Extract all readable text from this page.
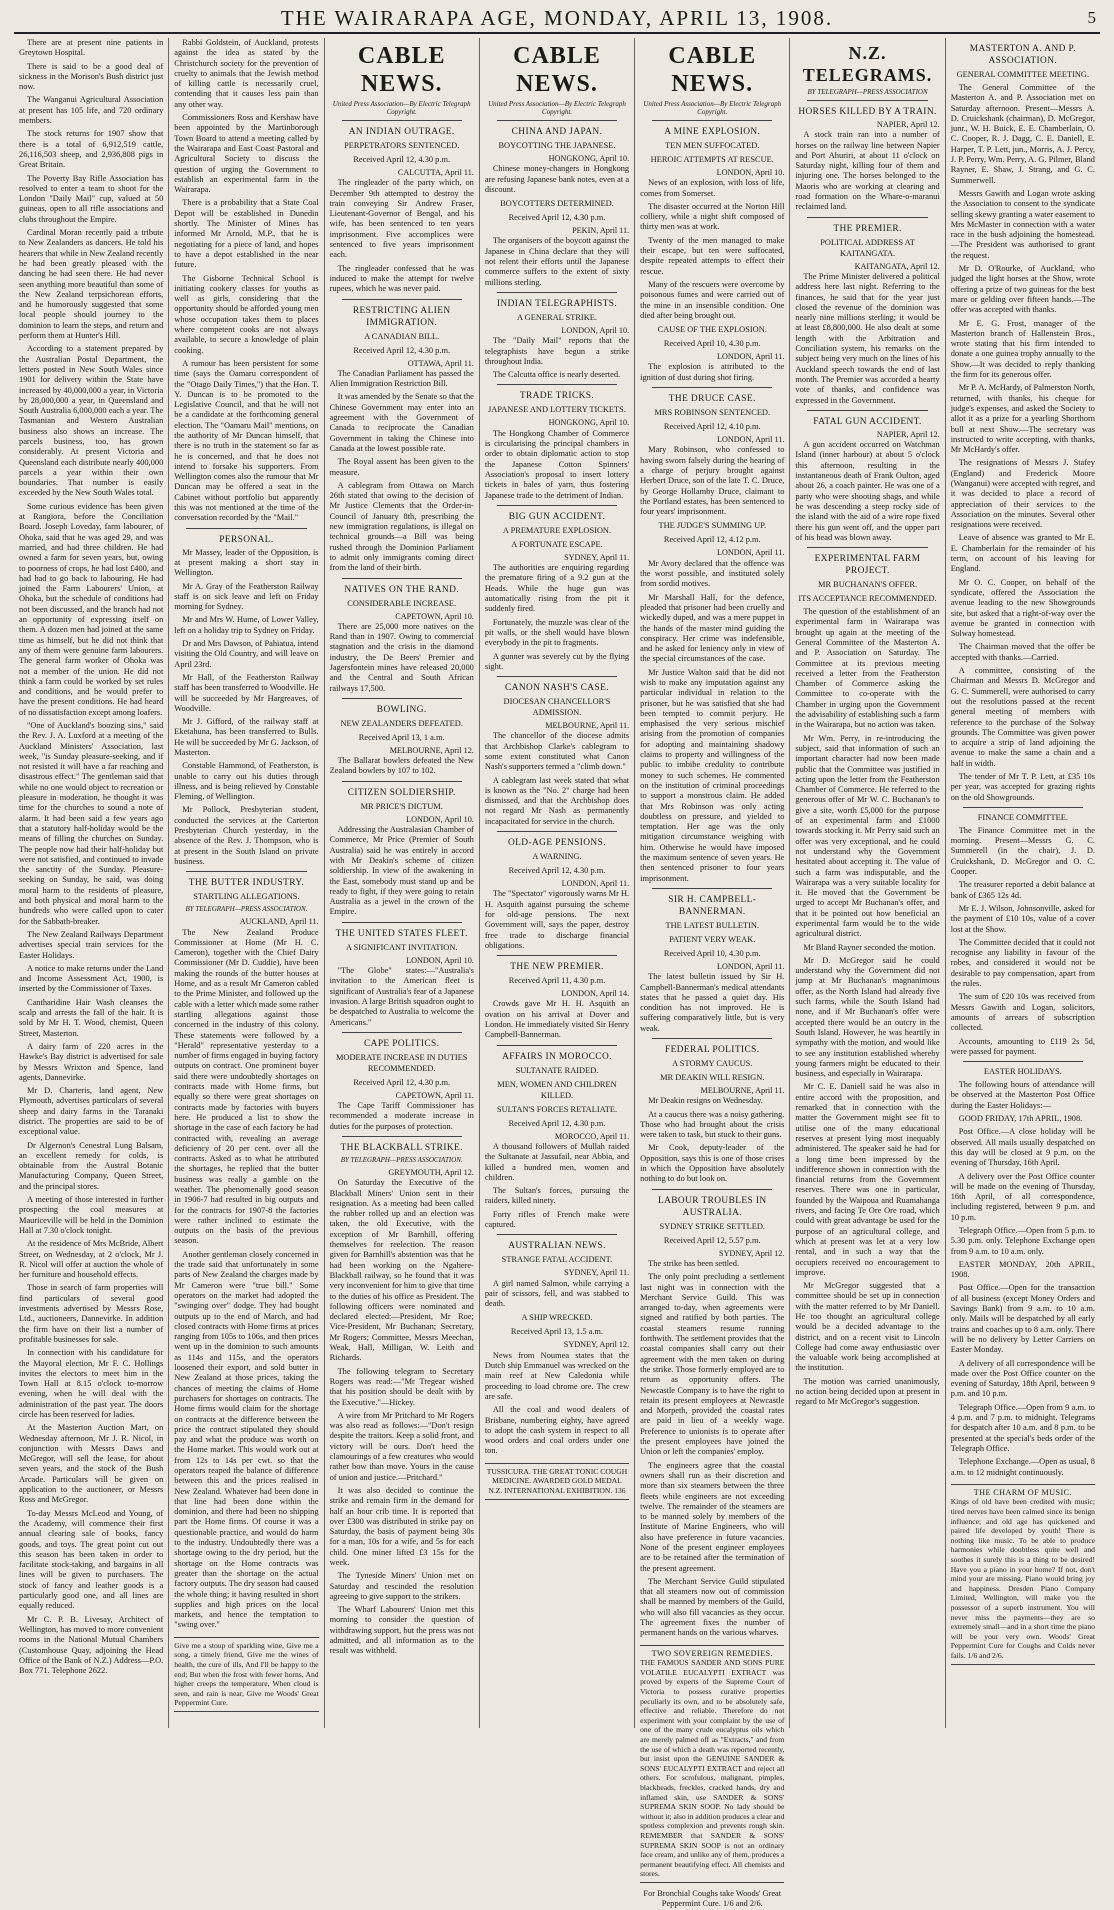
THE WAIRARAPA AGE, MONDAY, APRIL 13, 1908.	5

There are at present nine patients in Greytown Hospital.

There is said to be a good deal of sickness in the Morison's Bush district just now.

The Wanganui Agricultural Association at present has 105 life, and 720 ordinary members.

The stock returns for 1907 show that there is a total of 6,912,519 cattle, 26,116,503 sheep, and 2,936,808 pigs in Great Britain.

The Poverty Bay Rifle Association has resolved to enter a team to shoot for the London "Daily Mail" cup, valued at 50 guineas, open to all rifle associations and clubs throughout the Empire.

Cardinal Moran recently paid a tribute to New Zealanders as dancers. He told his hearers that while in New Zealand recently he had been greatly pleased with the dancing he had seen there. He had never seen anything more beautiful than some of the New Zealand terpsichorean efforts, and he humorously suggested that some local people should journey to the dominion to learn the steps, and return and perform them at Hunter's Hill.

According to a statement prepared by the Australian Postal Department, the letters posted in New South Wales since 1901 for delivery within the State have increased by 40,000,000 a year, in Victoria by 28,000,000 a year, in Queensland and South Australia 6,000,000 each a year. The Tasmanian and Western Australian business also shows an increase. The parcels business, too, has grown considerably. At present Victoria and Queensland each distribute nearly 400,000 parcels a year within their own boundaries. That number is easily exceeded by the New South Wales total.

Some curious evidence has been given at Rangiora, before the Conciliation Board. Joseph Loveday, farm labourer, of Ohoka, said that he was aged 29, and was married, and had three children. He had owned a farm for seven years, but, owing to poorness of crops, he had lost £400, and had had to go back to labouring. He had joined the Farm Labourers' Union, at Ohoka, but the schedule of conditions had not been discussed, and the branch had not an opportunity of expressing itself on them. A dozen men had joined at the same time as himself, but he did not think that any of them were genuine farm labourers. The general farm worker of Ohoka was not a member of the union. He did not think a farm could be worked by set rules and conditions, and he would prefer to have the present conditions. He had heard of no dissatisfaction except among loafers.

"One of Auckland's boozing sins," said the Rev. J. A. Luxford at a meeting of the Auckland Ministers' Association, last week, "is Sunday pleasure-seeking, and if not resisted it will have a far reaching and disastrous effect." The gentleman said that while no one would object to recreation or pleasure in moderation, he thought it was time for the churches to sound a note of alarm. It had been said a few years ago that a statutory half-holiday would be the means of filling the churches on Sunday. The people now had their half-holiday but were not satisfied, and continued to invade the sanctity of the Sunday. Pleasure-seeking on Sunday, he said, was doing moral harm to the residents of pleasure, and both physical and moral harm to the hundreds who were called upon to cater for the Sabbath-breaker.

The New Zealand Railways Department advertises special train services for the Easter Holidays.

A notice to make returns under the Land and Income Assessment Act, 1900, is inserted by the Commissioner of Taxes.

Cantharidine Hair Wash cleanses the scalp and arrests the fall of the hair. It is sold by Mr H. T. Wood, chemist, Queen Street, Masterton.

A dairy farm of 220 acres in the Hawke's Bay district is advertised for sale by Messrs Wrixton and Spence, land agents, Dannevirke.

Mr D. Charteris, land agent, New Plymouth, advertises particulars of several sheep and dairy farms in the Taranaki district. The properties are said to be of exceptional value.

Dr Algernon's Cenestral Lung Balsam, an excellent remedy for colds, is obtainable from the Austral Botanic Manufacturing Company, Queen Street, and the principal stores.

A meeting of those interested in further prospecting the coal measures at Mauriceville will be held in the Dominion Hall at 7.30 o'clock tonight.

At the residence of Mrs McBride, Albert Street, on Wednesday, at 2 o'clock, Mr J. R. Nicol will offer at auction the whole of her furniture and household effects.

Those in search of farm properties will find particulars of several good investments advertised by Messrs Rose, Ltd., auctioneers, Dannevirke. In addition the firm have on their list a number of profitable businesses for sale.

In connection with his candidature for the Mayoral election, Mr F. C. Hollings invites the electors to meet him in the Town Hall at 8.15 o'clock to-morrow evening, when he will deal with the administration of the past year. The doors circle has been reserved for ladies.

At the Masterton Auction Mart, on Wednesday afternoon, Mr J. R. Nicol, in conjunction with Messrs Daws and McGregor, will sell the lease, for about seven years, and the stock of the Bush Arcade. Particulars will be given on application to the auctioneer, or Messrs Ross and McGregor.

To-day Messrs McLeod and Young, of the Academy, will commence their first annual clearing sale of books, fancy goods, and toys. The great point cut out this season has been taken in order to facilitate stock-taking, and bargains in all lines will be given to purchasers. The stock of fancy and leather goods is a particularly good one, and all lines are equally reduced.

Mr C. P. B. Livesay, Architect of Wellington, has moved to more convenient rooms in the National Mutual Chambers (Customhouse Quay, adjoining the Head Office of the Bank of N.Z.) Address—P.O. Box 771. Telephone 2622.

Rabbi Goldstein, of Auckland, protests against the idea as stated by the Christchurch society for the prevention of cruelty to animals that the Jewish method of killing cattle is necessarily cruel, contending that it causes less pain than any other way.

Commissioners Ross and Kershaw have been appointed by the Martinborough Town Board to attend a meeting called by the Wairarapa and East Coast Pastoral and Agricultural Society to discuss the question of urging the Government to establish an experimental farm in the Wairarapa.

There is a probability that a State Coal Depot will be established in Dunedin shortly. The Minister of Mines has informed Mr Arnold, M.P., that he is negotiating for a piece of land, and hopes to have a depot established in the near future.

The Gisborne Technical School is initiating cookery classes for youths as well as girls, considering that the opportunity should be afforded young men whose occupation takes them to places where competent cooks are not always available, to secure a knowledge of plain cooking.

A rumour has been persistent for some time (says the Oamaru correspondent of the "Otago Daily Times,") that the Hon. T. Y. Duncan is to be promoted to the Legislative Council, and that he will not be a candidate at the forthcoming general election. The "Oamaru Mail" mentions, on the authority of Mr Duncan himself, that there is no truth in the statement so far as he is concerned, and that he does not intend to forsake his supporters. From Wellington comes also the rumour that Mr Duncan may be offered a seat in the Cabinet without portfolio but apparently this was not mentioned at the time of the conversation recorded by the "Mail."

PERSONAL.

Mr Massey, leader of the Opposition, is at present making a short stay in Wellington.

Mr A. Gray of the Featherston Railway staff is on sick leave and left on Friday morning for Sydney.

Mr and Mrs W. Hume, of Lower Valley, left on a holiday trip to Sydney on Friday.

Dr and Mrs Dawson, of Pahiatua, intend visiting the Old Country, and will leave on April 23rd.

Mr Hall, of the Featherston Railway staff has been transferred to Woodville. He will be succeeded by Mr Hargreaves, of Woodville.

Mr J. Gifford, of the railway staff at Eketahuna, has been transferred to Bulls. He will be succeeded by Mr G. Jackson, of Masterton.

Constable Hammond, of Featherston, is unable to carry out his duties through illness, and is being relieved by Constable Fleming, of Wellington.

Mr Pollock, Presbyterian student, conducted the services at the Carterton Presbyterian Church yesterday, in the absence of the Rev. J. Thompson, who is at present in the South Island on private business.

THE BUTTER INDUSTRY.
STARTLING ALLEGATIONS.
BY TELEGRAPH—PRESS ASSOCIATION.
AUCKLAND, April 11.

The New Zealand Produce Commissioner at Home (Mr H. C. Cameron), together with the Chief Dairy Commissioner (Mr D. Cuddie), have been making the rounds of the butter houses at Home, and as a result Mr Cameron cabled to the Prime Minister, and followed up the cable with a letter which made some rather startling allegations against those concerned in the industry of this colony. These statements were followed by a "Herald" representative yesterday to a number of firms engaged in buying factory outputs on contract. One prominent buyer said there were undoubtedly shortages on contracts made with Home firms, but equally so there were great shortages on contracts made by factories with buyers here. He produced a list to show the shortage in the case of each factory he had contracted with, revealing an average deficiency of 20 per cent. over all the contracts. Asked as to what he attributed the shortages, he replied that the butter business was really a gamble on the weather. The phenomenally good season in 1906-7 had resulted in big outputs and for the contracts for 1907-8 the factories were rather inclined to estimate the outputs on the basis of the previous season.

Another gentleman closely concerned in the trade said that unfortunately in some parts of New Zealand the charges made by Mr Cameron were "true bill." Some operators on the market had adopted the "swinging over" dodge. They had bought outputs up to the end of March, and had closed contracts with Home firms at prices ranging from 105s to 106s, and then prices went up in the dominion to such amounts as 114s and 115s, and the operators loosened their export, and sold butter in New Zealand at those prices, taking the chances of meeting the claims of Home purchasers for shortages on contracts. The Home firms would claim for the shortage on contracts at the difference between the price the contract stipulated they should pay and what the produce was worth on the Home market. This would work out at from 12s to 14s per cwt. so that the operators reaped the balance of difference between this and the prices realised in New Zealand. Whatever had been done in that line had been done within the dominion, and there had been no shipping part the Home firms. Of course it was a questionable practice, and would do harm to the industry. Undoubtedly there was a shortage owing to the dry period, but the shortage on the Home contracts was greater than the shortage on the actual factory outputs. The dry season had caused the whole thing; it having resulted in short supplies and high prices on the local markets, and hence the temptation to "swing over."

Give me a stoup of sparkling wine, Give me a song, a timely friend, Give me the wines of health, the cure of ills, And I'll be happy to the end; But when the frost with fewer horns, And higher creeps the temperature, When cloud is seen, and rain is near, Give me Woods' Great Peppermint Cure.
CABLE NEWS.
United Press Association—By Electric Telegraph Copyright.
AN INDIAN OUTRAGE.
PERPETRATORS SENTENCED.
Received April 12, 4.30 p.m.
CALCUTTA, April 11.

The ringleader of the party which, on December 9th attempted to destroy the train conveying Sir Andrew Fraser, Lieutenant-Governor of Bengal, and his wife, has been sentenced to ten years imprisonment. Five accomplices were sentenced to five years imprisonment each.

The ringleader confessed that he was induced to make the attempt for twelve rupees, which he was never paid.

RESTRICTING ALIEN IMMIGRATION.
A CANADIAN BILL.
Received April 12, 4.30 p.m.
OTTAWA, April 11.

The Canadian Parliament has passed the Alien Immigration Restriction Bill.

It was amended by the Senate so that the Chinese Government may enter into an agreement with the Government of Canada to reciprocate the Canadian Government in taking the Chinese into Canada at the lowest possible rate.

The Royal assent has been given to the measure.

A cablegram from Ottawa on March 26th stated that owing to the decision of Mr Justice Clements that the Order-in-Council of January 8th, prescribing the new immigration regulations, is illegal on technical grounds—a Bill was being rushed through the Dominion Parliament to admit only immigrants coming direct from the land of their birth.

NATIVES ON THE RAND.
CONSIDERABLE INCREASE.
CAPETOWN, April 10.

There are 25,000 more natives on the Rand than in 1907. Owing to commercial stagnation and the crisis in the diamond industry, the De Beers' Premier and Jagersfontein mines have released 20,000 and the Central and South African railways 17,500.

BOWLING.
NEW ZEALANDERS DEFEATED.
Received April 13, 1 a.m.
MELBOURNE, April 12.

The Ballarat bowlers defeated the New Zealand bowlers by 107 to 102.

CITIZEN SOLDIERSHIP.
MR PRICE'S DICTUM.
LONDON, April 10.

Addressing the Australasian Chamber of Commerce, Mr Price (Premier of South Australia) said he was entirely in accord with Mr Deakin's scheme of citizen soldiership. In view of the awakening in the East, somebody must stand up and be ready to fight, if they were going to retain Australia as a jewel in the crown of the Empire.

THE UNITED STATES FLEET.
A SIGNIFICANT INVITATION.
LONDON, April 10.

"The Globe" states:—"Australia's invitation to the American fleet is significant of Australia's fear of a Japanese invasion. A large British squadron ought to be despatched to Australia to welcome the Americans."

CAPE POLITICS.
MODERATE INCREASE IN DUTIES RECOMMENDED.
Received April 12, 4.30 p.m.
CAPETOWN, April 11.

The Cape Tariff Commissioner has recommended a moderate increase in duties for the purposes of protection.

THE BLACKBALL STRIKE.
BY TELEGRAPH—PRESS ASSOCIATION.
GREYMOUTH, April 12.

On Saturday the Executive of the Blackball Miners' Union sent in their resignation. As a meeting had been called the rubber rolled up and an election was taken, the old Executive, with the exception of Mr Barnhill, offering themselves for reelection. The reason given for Barnhill's abstention was that he had been working on the Ngahere-Blackball railway, so he found that it was very inconvenient for him to give that time to the duties of his office as President. The following officers were nominated and declared elected:—President, Mr Roe; Vice-President, Mr Buchanan; Secretary, Mr Rogers; Committee, Messrs Meechan, Weak, Hall, Milligan, W. Leith and Richards.

The following telegram to Secretary Rogers was read:—"Mr Tregear wished that his position should be dealt with by the Executive."—Hickey.

A wire from Mr Pritchard to Mr Rogers was also read as follows:—"Don't resign despite the traitors. Keep a solid front, and victory will be ours. Don't heed the clamourings of a few creatures who would rather bow than move. Yours in the cause of union and justice.—Pritchard."

It was also decided to continue the strike and remain firm in the demand for half an hour crib time. It is reported that over £300 was distributed in strike pay on Saturday, the basis of payment being 30s for a man, 10s for a wife, and 5s for each child. One miner lifted £3 15s for the week.

The Tyneside Miners' Union met on Saturday and rescinded the resolution agreeing to give support to the strikers.

The Wharf Labourers' Union met this morning to consider the question of withdrawing support, but the press was not admitted, and all information as to the result was withheld.

CABLE NEWS.
United Press Association—By Electric Telegraph Copyright.
CHINA AND JAPAN.
BOYCOTTING THE JAPANESE.
HONGKONG, April 10.

Chinese money-changers in Hongkong are refusing Japanese bank notes, even at a discount.

BOYCOTTERS DETERMINED.
Received April 12, 4.30 p.m.
PEKIN, April 11.

The organisers of the boycott against the Japanese in China declare that they will not relent their efforts until the Japanese commerce suffers to the extent of sixty millions sterling.

INDIAN TELEGRAPHISTS.
A GENERAL STRIKE.
LONDON, April 10.

The "Daily Mail" reports that the telegraphists have begun a strike throughout India.

The Calcutta office is nearly deserted.

TRADE TRICKS.
JAPANESE AND LOTTERY TICKETS.
HONGKONG, April 10.

The Hongkong Chamber of Commerce is circularising the principal chambers in order to obtain diplomatic action to stop the Japanese Cotton Spinners' Association's proposal to insert lottery tickets in bales of yarn, thus fostering Japanese trade to the detriment of Indian.

BIG GUN ACCIDENT.
A PREMATURE EXPLOSION.
A FORTUNATE ESCAPE.
SYDNEY, April 11.

The authorities are enquiring regarding the premature firing of a 9.2 gun at the Heads. While the huge gun was automatically rising from the pit it suddenly fired.

Fortunately, the muzzle was clear of the pit walls, or the shell would have blown everybody in the pit to fragments.

A gunner was severely cut by the flying sight.

CANON NASH'S CASE.
DIOCESAN CHANCELLOR'S ADMISSION.
MELBOURNE, April 11.

The chancellor of the diocese admits that Archbishop Clarke's cablegram to some extent constituted what Canon Nash's supporters termed a "climb down."

A cablegram last week stated that what is known as the "No. 2" charge had been dismissed, and that the Archbishop does not regard Mr Nash as permanently incapacitated for service in the church.

OLD-AGE PENSIONS.
A WARNING.
Received April 12, 4.30 p.m.
LONDON, April 11.

The "Spectator" vigorously warns Mr H. H. Asquith against pursuing the scheme for old-age pensions. The next Government will, says the paper, destroy free trade to discharge financial obligations.

THE NEW PREMIER.
Received April 11, 4.30 p.m.
LONDON, April 14.

Crowds gave Mr H. H. Asquith an ovation on his arrival at Dover and London. He immediately visited Sir Henry Campbell-Bannerman.

AFFAIRS IN MOROCCO.
SULTANATE RAIDED.
MEN, WOMEN AND CHILDREN KILLED.
SULTAN'S FORCES RETALIATE.
Received April 12, 4.30 p.m.
MOROCCO, April 11.

A thousand followers of Mullah raided the Sultanate at Jassufail, near Abbia, and killed a hundred men, women and children.

The Sultan's forces, pursuing the raiders, killed ninety.

Forty rifles of French make were captured.

AUSTRALIAN NEWS.
STRANGE FATAL ACCIDENT.
SYDNEY, April 11.

A girl named Salmon, while carrying a pair of scissors, fell, and was stabbed to death.

A SHIP WRECKED.
Received April 13, 1.5 a.m.
SYDNEY, April 12.

News from Noumea states that the Dutch ship Emmanuel was wrecked on the main reef at New Caledonia while proceeding to load chrome ore. The crew are safe.

All the coal and wood dealers of Brisbane, numbering eighty, have agreed to adopt the cash system in respect to all wood orders and coal orders under one ton.

TUSSICURA. THE GREAT TONIC COUGH MEDICINE. AWARDED GOLD MEDAL N.Z. INTERNATIONAL EXHIBITION. 136
CABLE NEWS.
United Press Association—By Electric Telegraph Copyright.
A MINE EXPLOSION.
TEN MEN SUFFOCATED.
HEROIC ATTEMPTS AT RESCUE.
LONDON, April 10.

News of an explosion, with loss of life, comes from Somerset.

The disaster occurred at the Norton Hill colliery, while a night shift composed of thirty men was at work.

Twenty of the men managed to make their escape, but ten were suffocated, despite repeated attempts to effect their rescue.

Many of the rescuers were overcome by poisonous fumes and were carried out of the mine in an insensible condition. One died after being brought out.

CAUSE OF THE EXPLOSION.
Received April 10, 4.30 p.m.
LONDON, April 11.

The explosion is attributed to the ignition of dust during shot firing.

THE DRUCE CASE.
MRS ROBINSON SENTENCED.
Received April 12, 4.10 p.m.
LONDON, April 11.

Mary Robinson, who confessed to having sworn falsely during the hearing of a charge of perjury brought against Herbert Druce, son of the late T. C. Druce, by George Hollamby Druce, claimant to the Portland estates, has been sentenced to four years' imprisonment.

THE JUDGE'S SUMMING UP.
Received April 12, 4.12 p.m.
LONDON, April 11.

Mr Avory declared that the offence was the worst possible, and instituted solely from sordid motives.

Mr Marshall Hall, for the defence, pleaded that prisoner had been cruelly and wickedly duped, and was a mere puppet in the hands of the master mind guiding the conspiracy. Her crime was indefensible, and he asked for leniency only in view of the special circumstances of the case.

Mr Justice Walton said that he did not wish to make any imputation against any particular individual in relation to the prisoner, but he was satisfied that she had been tempted to commit perjury. He emphasised the very serious mischief arising from the promotion of companies for adopting and maintaining shadowy claims to property and willingness of the public to imbibe credulity to contribute money to such schemes. He commented on the institution of criminal proceedings to support a monstrous claim. He added that Mrs Robinson was only acting doubtless on pressure, and yielded to temptation. Her age was the only mitigation circumstance weighing with him. Otherwise he would have imposed the maximum sentence of seven years. He then sentenced prisoner to four years imprisonment.

SIR H. CAMPBELL-BANNERMAN.
THE LATEST BULLETIN.
PATIENT VERY WEAK.
Received April 10, 4.30 p.m.
LONDON, April 11.

The latest bulletin issued by Sir H. Campbell-Bannerman's medical attendants states that he passed a quiet day. His condition has not improved. He is suffering comparatively little, but is very weak.

FEDERAL POLITICS.
A STORMY CAUCUS.
MR DEAKIN WILL RESIGN.
MELBOURNE, April 11.

Mr Deakin resigns on Wednesday.

At a caucus there was a noisy gathering. Those who had brought about the crisis were taken to task, but stuck to their guns.

Mr Cook, deputy-leader of the Opposition, says this is one of those crises in which the Opposition have absolutely nothing to do but look on.

LABOUR TROUBLES IN AUSTRALIA.
SYDNEY STRIKE SETTLED.
Received April 12, 5.57 p.m.
SYDNEY, April 12.

The strike has been settled.

The only point precluding a settlement last night was in connection with the Merchant Service Guild. This was arranged to-day, when agreements were signed and ratified by both parties. The coastal steamers resume running forthwith. The settlement provides that the coastal companies shall carry out their agreement with the men taken on during the strike. Those formerly employed are to return as opportunity offers. The Newcastle Company is to have the right to retain its present employees at Newcastle and Morpeth, provided the coastal rates are paid in lieu of a weekly wage. Preference to unionists is to operate after the present employees have joined the Union or left the companies' employ.

The engineers agree that the coastal owners shall run as their discretion and more than six steamers between the three fleets while engineers are not exceeding twelve. The remainder of the steamers are to be manned solely by members of the Institute of Marine Engineers, who will also have preference in future vacancies. None of the present engineer employees are to be retained after the termination of the present agreement.

The Merchant Service Guild stipulated that all steamers now out of commission shall be manned by members of the Guild, who will also fill vacancies as they occur. The agreement fixes the number of permanent hands on the various wharves.

TWO SOVEREIGN REMEDIES.
THE FAMOUS SANDER AND SONS PURE VOLATILE EUCALYPTI EXTRACT was proved by experts of the Supreme Court of Victoria to possess curative properties peculiarly its own, and to be absolutely safe, effective and reliable. Therefore do not experiment with your complaint by the use of one of the many crude eucalyptus oils which are merely palmed off as "Extracts," and from the use of which a death was reported recently, but insist upon the GENUINE SANDER & SONS' EUCALYPTI EXTRACT and reject all others. For scrofulous, malignant, pimples, blackheads, freckles, cracked hands, dry and inflamed skin, use SANDER & SONS' SUPREMA SKIN SOOP. No lady should be without it; also in addition produces a clear and spotless complexion and prevents rough skin. REMEMBER that SANDER & SONS' SUPREMA SKIN SOOP is not an ordinary face cream, and unlike any of them, produces a permanent beautifying effect. All chemists and stores.
For Bronchial Coughs take Woods' Great Peppermint Cure. 1/6 and 2/6.
N.Z. TELEGRAMS.
BY TELEGRAPH—PRESS ASSOCIATION
HORSES KILLED BY A TRAIN.
NAPIER, April 12.

A stock train ran into a number of horses on the railway line between Napier and Port Ahuriri, at about 11 o'clock on Saturday night, killing four of them and injuring one. The horses belonged to the Maoris who are working at clearing and road formation on the Whare-o-maranui reclaimed land.

THE PREMIER.
POLITICAL ADDRESS AT KAITANGATA.
KAITANGATA, April 12.

The Prime Minister delivered a political address here last night. Referring to the finances, he said that for the year just closed the revenue of the dominion was nearly nine millions sterling; it would be at least £8,800,000. He also dealt at some length with the Arbitration and Conciliation system, his remarks on the subject being very much on the lines of his Auckland speech towards the end of last month. The Premier was accorded a hearty vote of thanks, and confidence was expressed in the Government.

FATAL GUN ACCIDENT.
NAPIER, April 12.

A gun accident occurred on Watchman Island (inner harbour) at about 5 o'clock this afternoon, resulting in the instantaneous death of Frank Oulton, aged about 26, a coach painter. He was one of a party who were shooting shags, and while he was descending a steep rocky side of the island with the aid of a wire rope fixed there his gun went off, and the upper part of his head was blown away.

EXPERIMENTAL FARM PROJECT.
MR BUCHANAN'S OFFER.
ITS ACCEPTANCE RECOMMENDED.

The question of the establishment of an experimental farm in Wairarapa was brought up again at the meeting of the General Committee of the Masterton A. and P. Association on Saturday. The Committee at its previous meeting received a letter from the Featherston Chamber of Commerce asking the Committee to co-operate with the Chamber in urging upon the Government the advisability of establishing such a farm in the Wairarapa, but no action was taken.

Mr Wm. Perry, in re-introducing the subject, said that information of such an important character had now been made public that the Committee was justified in acting upon the letter from the Featherston Chamber of Commerce. He referred to the generous offer of Mr W. C. Buchanan's to give a site, worth £5,000 for the purpose of an experimental farm and £1000 towards stocking it. Mr Perry said such an offer was very exceptional, and he could not understand why the Government hesitated about accepting it. The value of such a farm was indisputable, and the Wairarapa was a very suitable locality for it. He moved that the Government be urged to accept Mr Buchanan's offer, and that it be pointed out how beneficial an experimental farm would be to the wide agricultural district.

Mr Bland Rayner seconded the motion.

Mr D. McGregor said he could understand why the Government did not jump at Mr Buchanan's magnanimous offer, as the North Island had already five such farms, while the South Island had none, and if Mr Buchanan's offer were accepted there would be an outcry in the South Island. However, he was heartily in sympathy with the motion, and would like to see any institution established whereby young farmers might be educated to their business, and especially in Wairarapa.

Mr C. E. Daniell said he was also in entire accord with the proposition, and remarked that in connection with the matter the Government might see fit to utilise one of the many educational reserves at present lying most inequably administered. The speaker said he had for a long time been impressed by the indifference shown in connection with the financial returns from the Government reserves. There was one in particular, founded by the Waipoua and Ruamahanga rivers, and facing Te Ore Ore road, which could with great advantage be used for the purpose of an agricultural college, and which at present was let at a very low rental, and in such a way that the occupiers received no encouragement to improve.

Mr McGregor suggested that a committee should be set up in connection with the matter referred to by Mr Daniell. He too thought an agricultural college would be a decided advantage to the district, and on a recent visit to Lincoln College had come away enthusiastic over the valuable work being accomplished at the institution.

The motion was carried unanimously, no action being decided upon at present in regard to Mr McGregor's suggestion.

MASTERTON A. AND P. ASSOCIATION.
GENERAL COMMITTEE MEETING.

The General Committee of the Masterton A. and P. Association met on Saturday afternoon. Present—Messrs A. D. Cruickshank (chairman), D. McGregor, junr., W. H. Buick, E. E. Chamberlain, O. C. Cooper, R. J. Dagg, C. E. Daniell, E. Harper, T. P. Lett, jun., Morris, A. J. Percy, J. P. Perry, Wm. Perry, A. G. Pilmer, Bland Rayner, E. Shaw, J. Strang, and G. C. Summerwell.

Messrs Gawith and Logan wrote asking the Association to consent to the syndicate selling skewy granting a water easement to Mrs McMaster in connection with a water race in the bush adjoining the homestead.—The President was authorised to grant the request.

Mr D. O'Rourke, of Auckland, who judged the light horses at the Show, wrote offering a prize of two guineas for the best mare or gelding over fifteen hands.—The offer was accepted with thanks.

Mr E. G. Frost, manager of the Masterton branch of Hallenstein Bros., wrote stating that his firm intended to donate a one guinea trophy annually to the Show.—It was decided to reply thanking the firm for its generous offer.

Mr P. A. McHardy, of Palmerston North, returned, with thanks, his cheque for judge's expenses, and asked the Society to allot it as a prize for a yearling Shorthorn bull at next Show.—The secretary was instructed to write accepting, with thanks, Mr McHardy's offer.

The resignations of Messrs J. Stafey (England) and Frederick Moore (Wanganui) were accepted with regret, and it was decided to place a record of appreciation of their services to the Association on the minutes. Several other resignations were received.

Leave of absence was granted to Mr E. E. Chamberlain for the remainder of his term, on account of his leaving for England.

Mr O. C. Cooper, on behalf of the syndicate, offered the Association the avenue leading to the new Showgrounds site, but asked that a right-of-way over the avenue be granted in connection with Solway homestead.

The Chairman moved that the offer be accepted with thanks.—Carried.

A committee, consisting of the Chairman and Messrs D. McGregor and G. C. Summerell, were authorised to carry out the resolutions passed at the recent general meeting of members with reference to the purchase of the Solway grounds. The Committee was given power to acquire a strip of land adjoining the avenue to make the same a chain and a half in width.

The tender of Mr T. P. Lett, at £35 10s per year, was accepted for grazing rights on the old Showgrounds.

FINANCE COMMITTEE.

The Finance Committee met in the morning. Present—Messrs G. C. Summerell (in the chair), J. D. Cruickshank, D. McGregor and O. C. Cooper.

The treasurer reported a debit balance at bank of £365 12s 4d.

Mr E. J. Wilson, Johnsonville, asked for the payment of £10 10s, value of a cover lost at the Show.

The Committee decided that it could not recognise any liability in favour of the robes, and considered it would not be desirable to pay compensation, apart from the rules.

The sum of £20 10s was received from Messrs Gawith and Logan, solicitors, amounts of arrears of subscription collected.

Accounts, amounting to £119 2s 5d, were passed for payment.

EASTER HOLIDAYS.

The following hours of attendance will be observed at the Masterton Post Office during the Easter Holidays:—

GOOD FRIDAY, 17th APRIL, 1908.

Post Office.—A close holiday will be observed. All mails usually despatched on this day will be closed at 9 p.m. on the evening of Thursday, 16th April.

A delivery over the Post Office counter will be made on the evening of Thursday, 16th April, of all correspondence, including registered, between 9 p.m. and 10 p.m.

Telegraph Office.—Open from 5 p.m. to 5.30 p.m. only. Telephone Exchange open from 9 a.m. to 10 a.m. only.

EASTER MONDAY, 20th APRIL, 1908.

Post Office.—Open for the transaction of all business (except Money Orders and Savings Bank) from 9 a.m. to 10 a.m. only. Mails will be despatched by all early trains and coaches up to 8 a.m. only. There will be no delivery by Letter Carriers on Easter Monday.

A delivery of all correspondence will be made over the Post Office counter on the evening of Saturday, 18th April, between 9 p.m. and 10 p.m.

Telegraph Office.—Open from 9 a.m. to 4 p.m. and 7 p.m. to midnight. Telegrams for despatch after 10 a.m. and 8 p.m. to be presented at the special's beds order of the Telegraph Office.

Telephone Exchange.—Open as usual, 8 a.m. to 12 midnight continuously.

THE CHARM OF MUSIC.
Kings of old have been credited with music; tired nerves have been calmed since its benign influence; and old age has quickened and paired life developed by youth! There is nothing like music. To be able to produce harmonies while doubtless quite well and soothes it surely this is a thing to be desired! Have you a piano in your home? If not, don't mind your are missing. Piano would bring joy and happiness. Dresden Piano Company Limited, Wellington, will make you the possessor of a superb instrument. You will never miss the payments—they are so extremely small—and in a short time the piano will be your very own. Woods' Great Peppermint Cure for Coughs and Colds never fails. 1/6 and 2/6.
